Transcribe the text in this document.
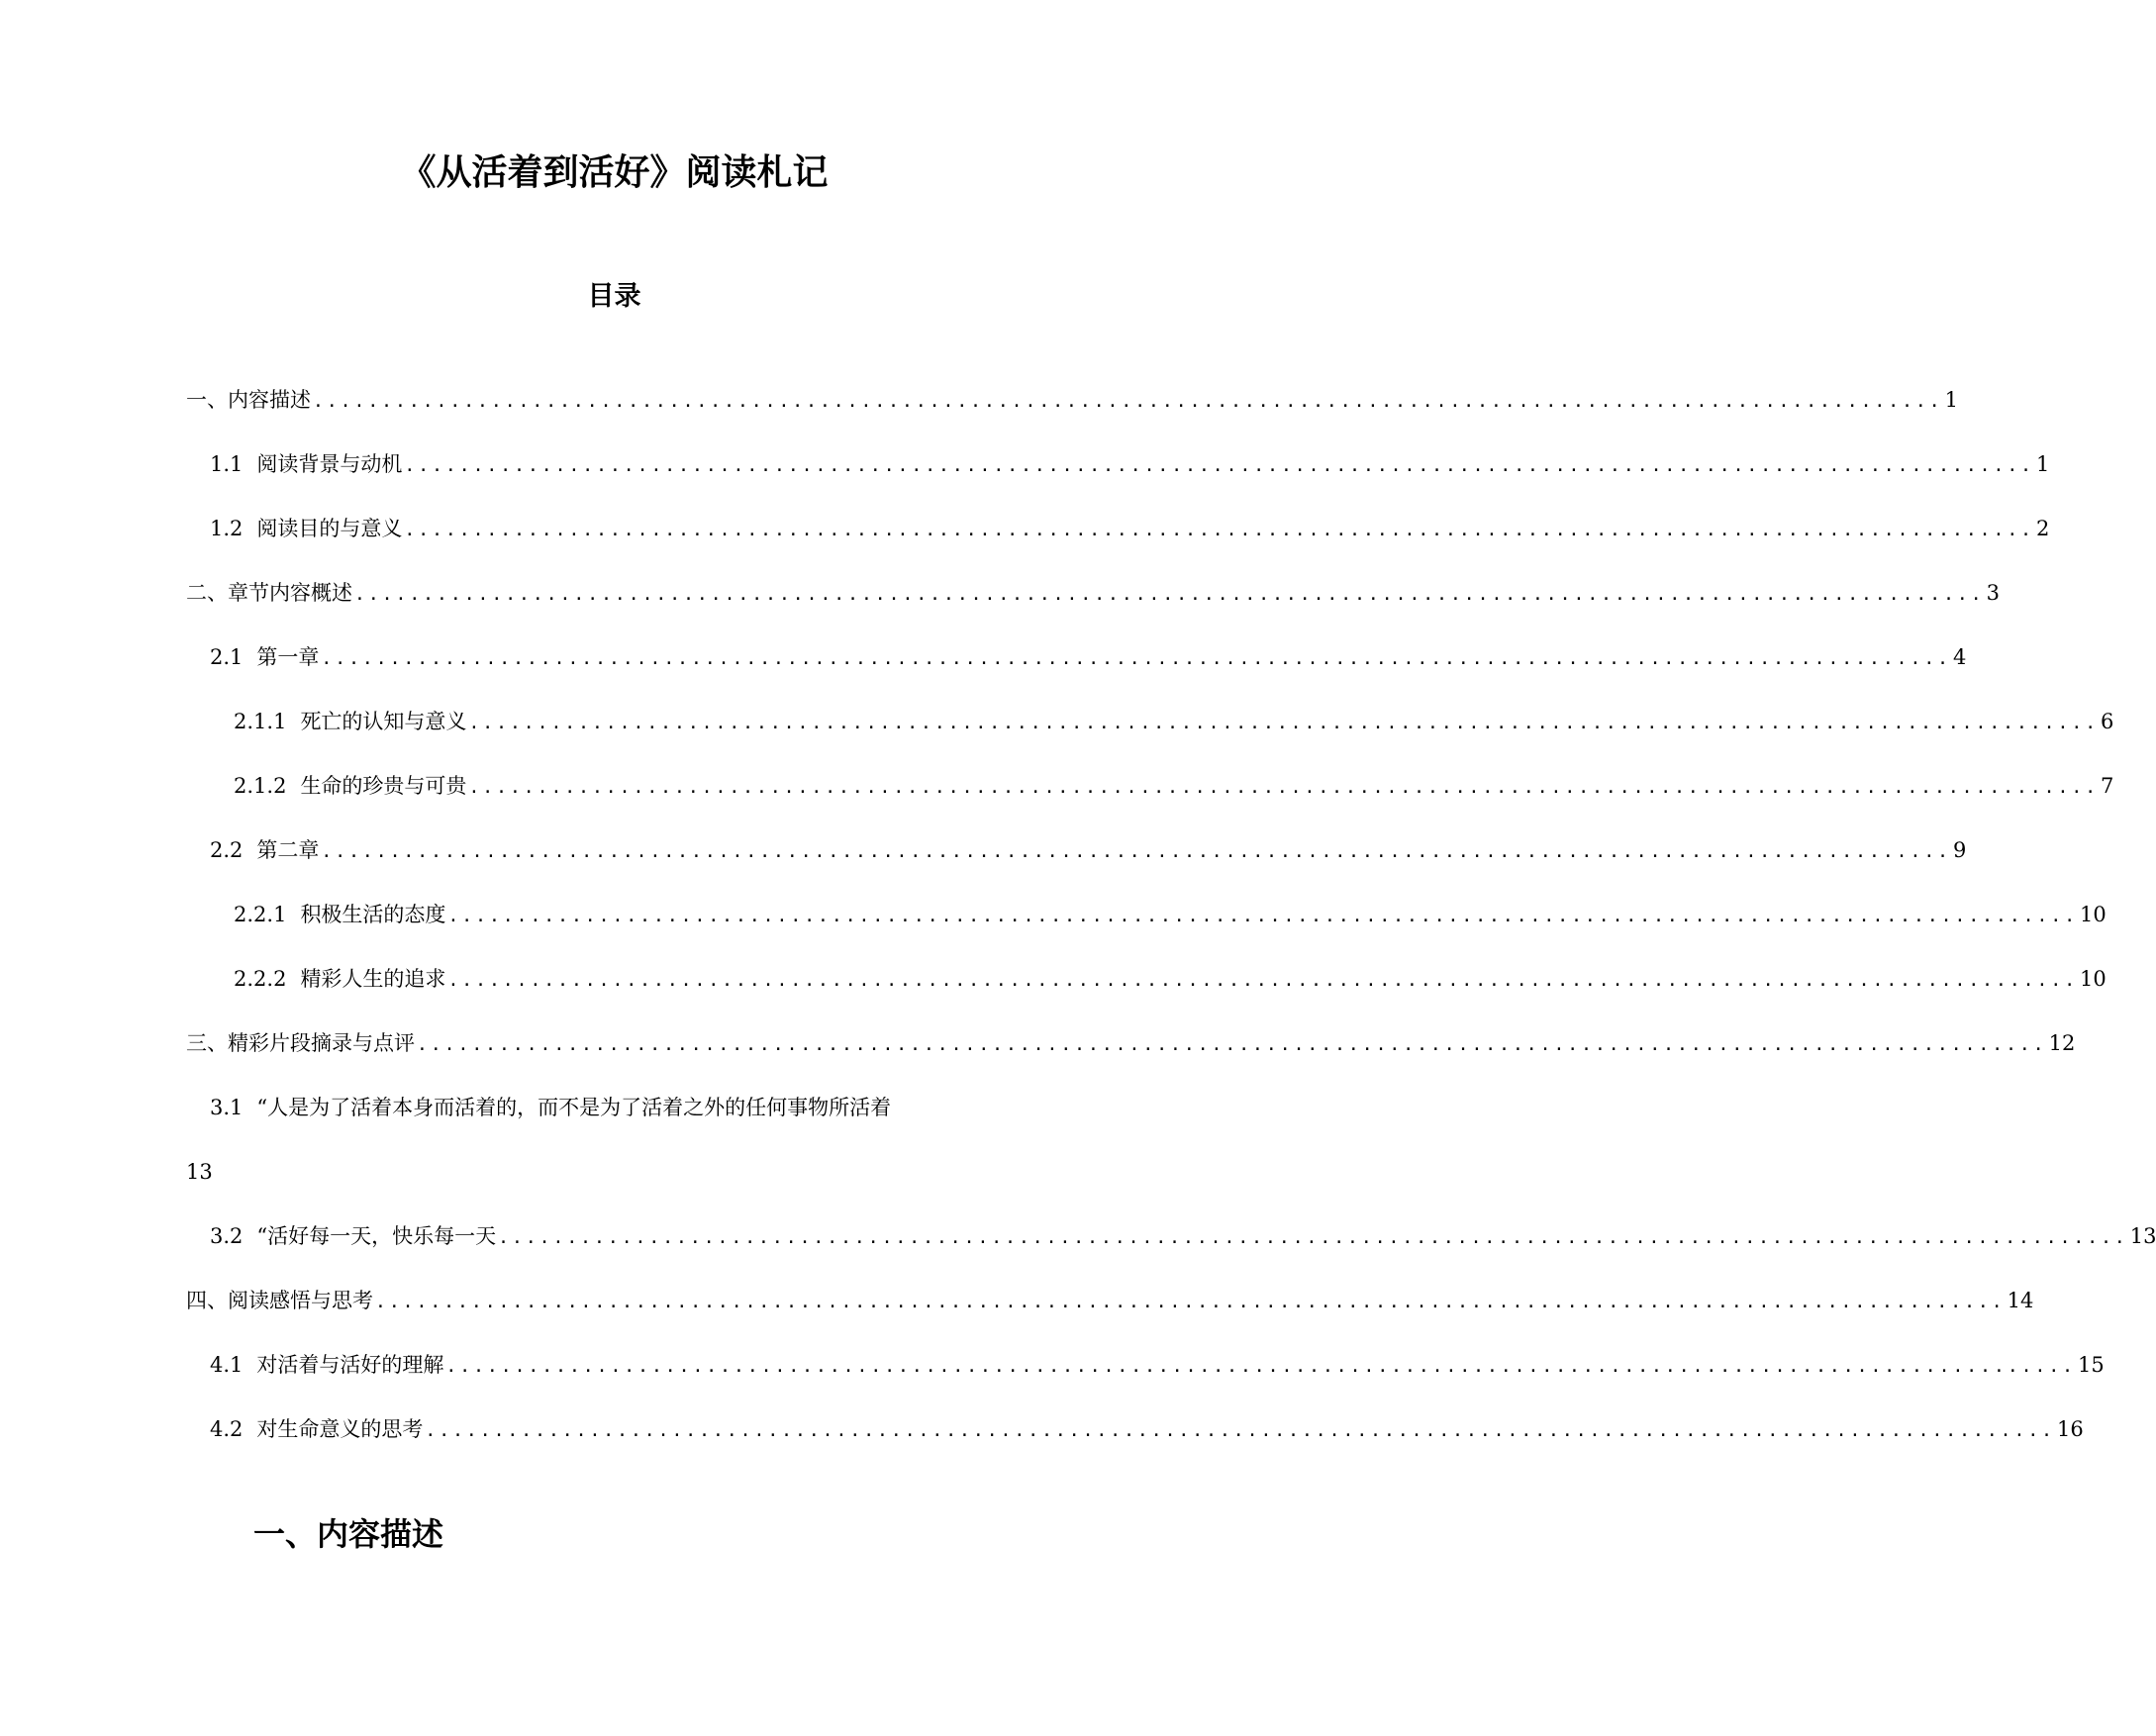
《从活着到活好》阅读札记
目录
一、内容描述 ....................................................................................................................... 1
1.1 阅读背景与动机 ....................................................................................................................... 1
1.2 阅读目的与意义 ....................................................................................................................... 2
二、章节内容概述 ....................................................................................................................... 3
2.1 第一章 ....................................................................................................................... 4
2.1.1 死亡的认知与意义 ....................................................................................................................... 6
2.1.2 生命的珍贵与可贵 ....................................................................................................................... 7
2.2 第二章 ....................................................................................................................... 9
2.2.1 积极生活的态度 ....................................................................................................................... 10
2.2.2 精彩人生的追求 ....................................................................................................................... 10
三、精彩片段摘录与点评 ....................................................................................................................... 12
3.1 “人是为了活着本身而活着的，而不是为了活着之外的任何事物所活着
13
3.2 “活好每一天，快乐每一天 ....................................................................................................................... 13
四、阅读感悟与思考 ....................................................................................................................... 14
4.1 对活着与活好的理解 ....................................................................................................................... 15
4.2 对生命意义的思考 ....................................................................................................................... 16
一、内容描述
